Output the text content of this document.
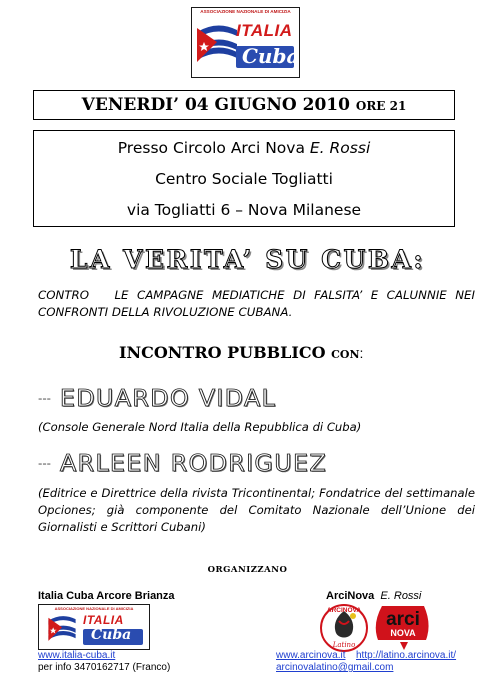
ASSOCIAZIONE NAZIONALE DI AMICIZIA
ITALIA
Cuba
VENERDI’ 04 GIUGNO 2010 ORE 21
Presso Circolo Arci Nova E. Rossi
Centro Sociale Togliatti
via Togliatti 6 – Nova Milanese
LA VERITA’ SU CUBA:
CONTRO   LE CAMPAGNE MEDIATICHE DI FALSITA’ E CALUNNIE NEI CONFRONTI DELLA RIVOLUZIONE CUBANA.
INCONTRO PUBBLICO CON:
--- EDUARDO VIDAL
(Console Generale Nord Italia della Repubblica di Cuba)
--- ARLEEN RODRIGUEZ
(Editrice e Direttrice della rivista Tricontinental; Fondatrice del settimanale Opciones; già componente del Comitato Nazionale dell’Unione dei Giornalisti e Scrittori Cubani)
ORGANIZZANO
Italia Cuba Arcore Brianza	ArciNova E. Rossi
ASSOCIAZIONE NAZIONALE DI AMICIZIA
ITALIA
Cuba
ARCINOVA
Latino
arci
NOVA
www.italia-cuba.it
per info 3470162717 (Franco)
www.arcinova.it http://latino.arcinova.it/
arcinovalatino@gmail.com
